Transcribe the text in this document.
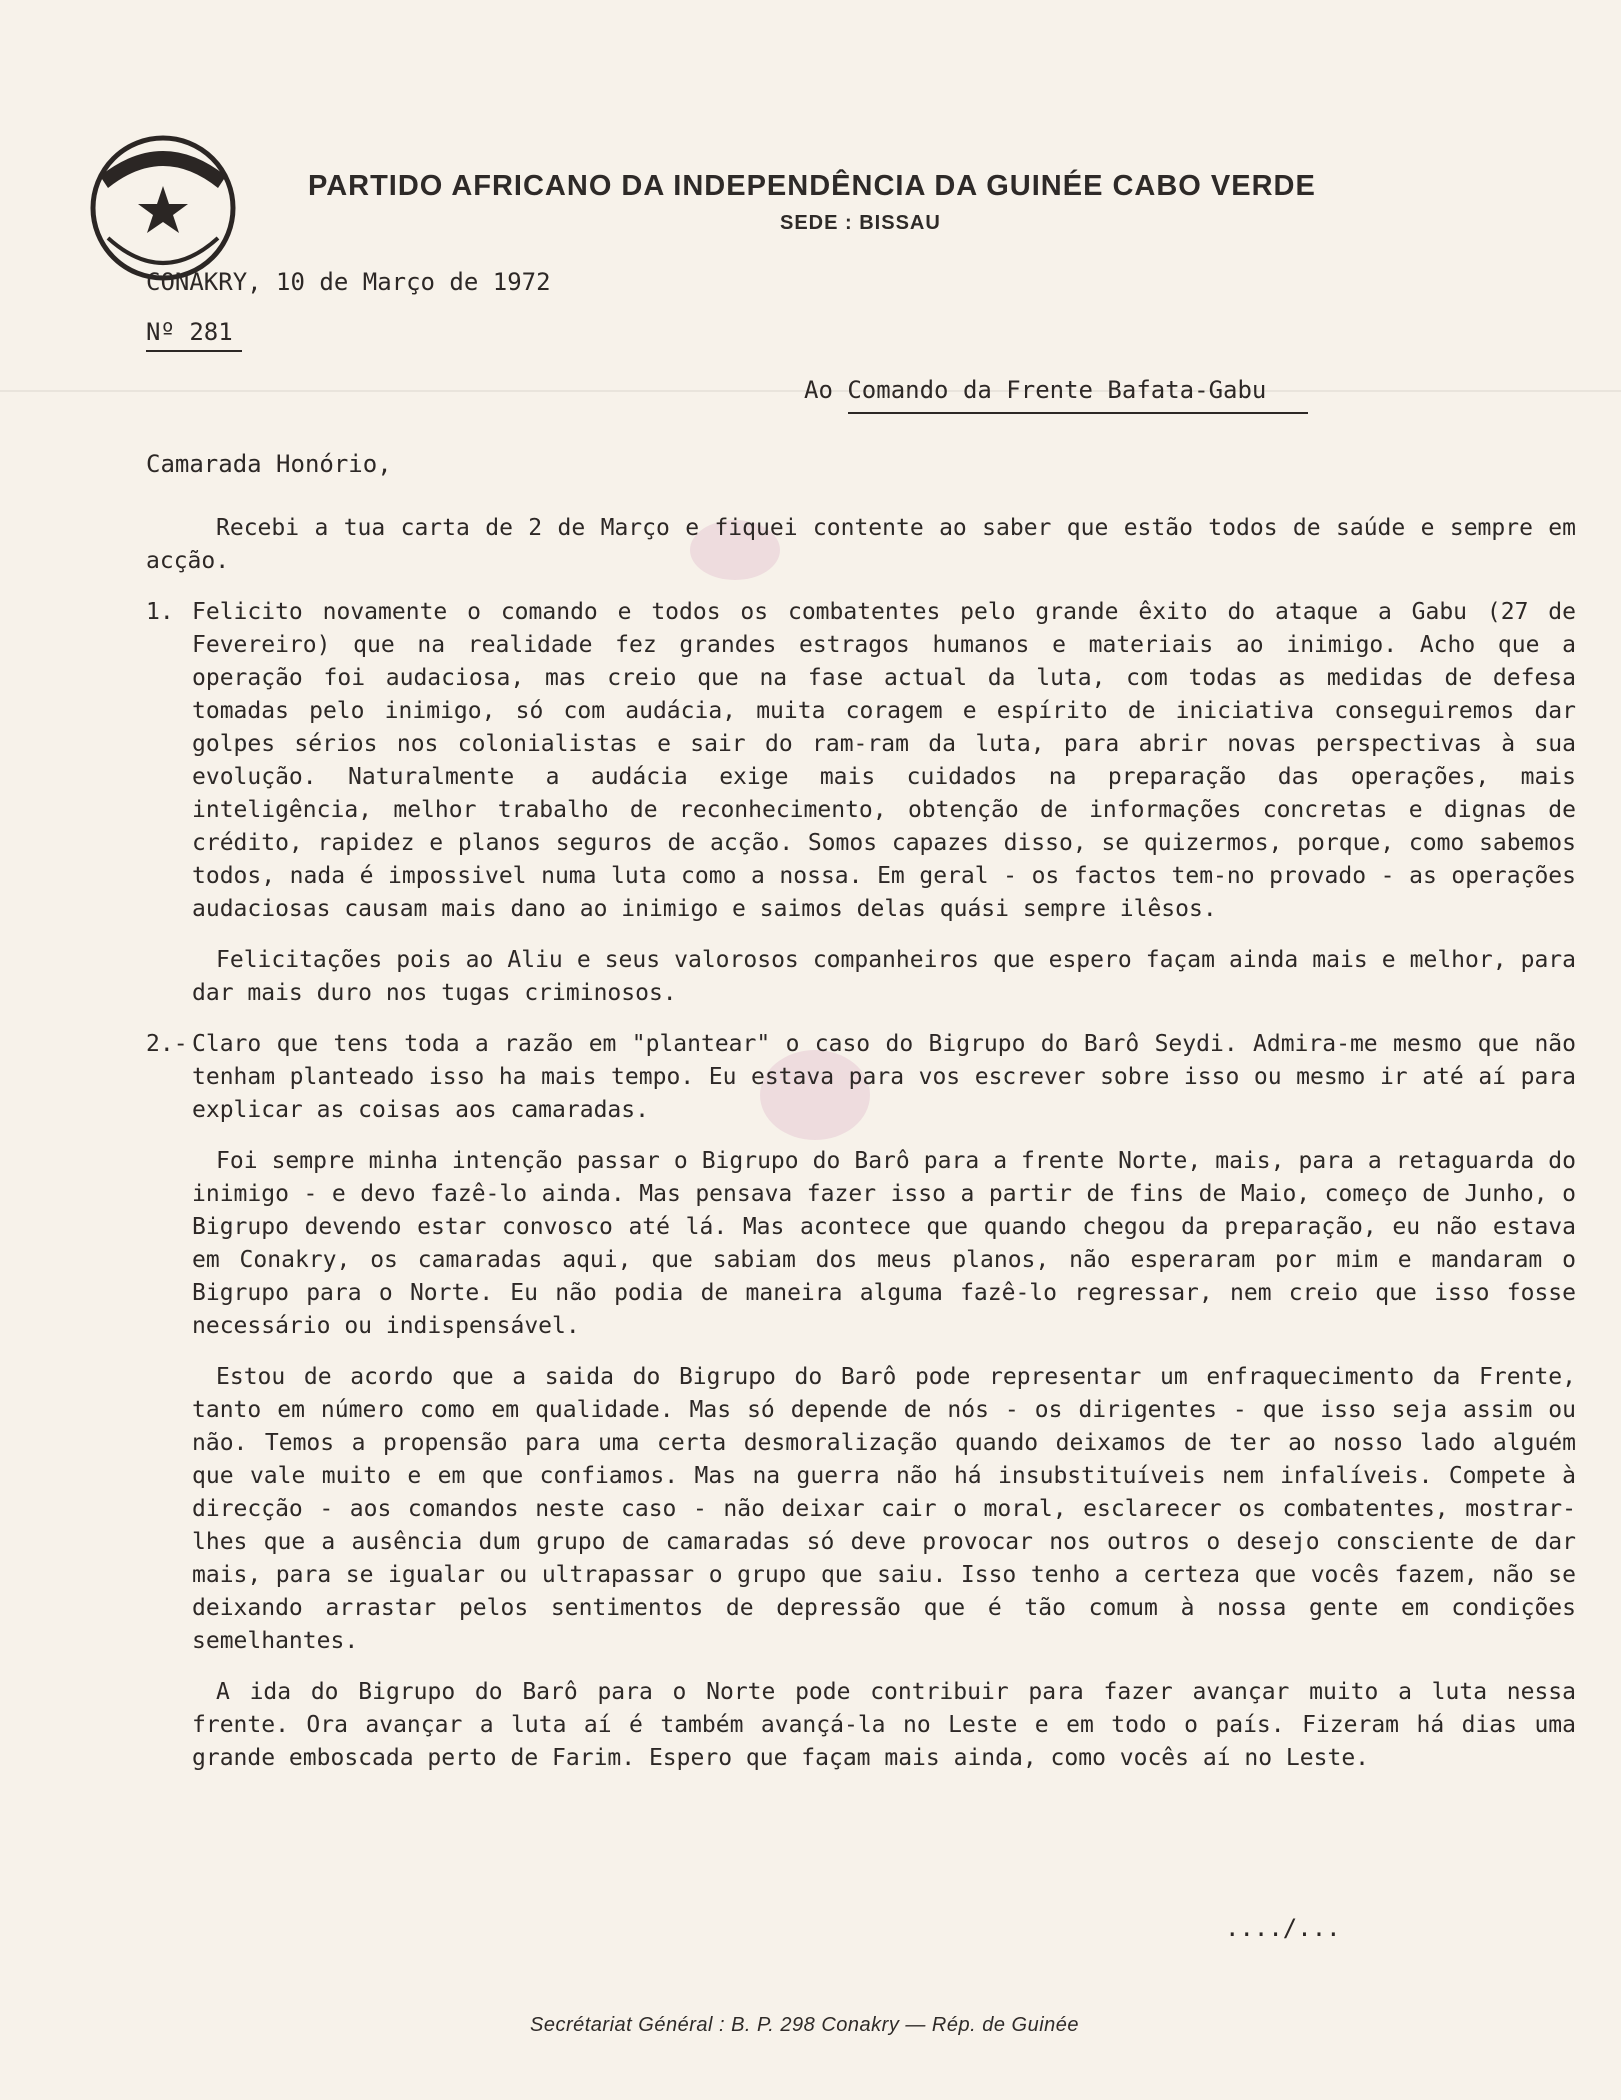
PARTIDO AFRICANO DA INDEPENDÊNCIA DA GUINÉE CABO VERDE
SEDE : BISSAU
CONAKRY, 10 de Março de 1972
Nº 281
Ao Comando da Frente Bafata-Gabu
Camarada Honório,

Recebi a tua carta de 2 de Março e fiquei contente ao saber que estão todos de saúde e sempre em acção.

1. Felicito novamente o comando e todos os combatentes pelo grande êxito do ataque a Gabu (27 de Fevereiro) que na realidade fez grandes estragos humanos e materiais ao inimigo. Acho que a operação foi audaciosa, mas creio que na fase actual da luta, com todas as medidas de defesa tomadas pelo inimigo, só com audácia, muita coragem e espírito de iniciativa conseguiremos dar golpes sérios nos colonialistas e sair do ram-ram da luta, para abrir novas perspectivas à sua evolução. Naturalmente a audácia exige mais cuidados na preparação das operações, mais inteligência, melhor trabalho de reconhecimento, obtenção de informações concretas e dignas de crédito, rapidez e planos seguros de acção. Somos capazes disso, se quizermos, porque, como sabemos todos, nada é impossivel numa luta como a nossa. Em geral - os factos tem-no provado - as operações audaciosas causam mais dano ao inimigo e saimos delas quási sempre ilêsos.

Felicitações pois ao Aliu e seus valorosos companheiros que espero façam ainda mais e melhor, para dar mais duro nos tugas criminosos.

2.- Claro que tens toda a razão em "plantear" o caso do Bigrupo do Barô Seydi. Admira-me mesmo que não tenham planteado isso ha mais tempo. Eu estava para vos escrever sobre isso ou mesmo ir até aí para explicar as coisas aos camaradas.

Foi sempre minha intenção passar o Bigrupo do Barô para a frente Norte, mais, para a retaguarda do inimigo - e devo fazê-lo ainda. Mas pensava fazer isso a partir de fins de Maio, começo de Junho, o Bigrupo devendo estar convosco até lá. Mas acontece que quando chegou da preparação, eu não estava em Conakry, os camaradas aqui, que sabiam dos meus planos, não esperaram por mim e mandaram o Bigrupo para o Norte. Eu não podia de maneira alguma fazê-lo regressar, nem creio que isso fosse necessário ou indispensável.

Estou de acordo que a saida do Bigrupo do Barô pode representar um enfraquecimento da Frente, tanto em número como em qualidade. Mas só depende de nós - os dirigentes - que isso seja assim ou não. Temos a propensão para uma certa desmoralização quando deixamos de ter ao nosso lado alguém que vale muito e em que confiamos. Mas na guerra não há insubstituíveis nem infalíveis. Compete à direcção - aos comandos neste caso - não deixar cair o moral, esclarecer os combatentes, mostrar-lhes que a ausência dum grupo de camaradas só deve provocar nos outros o desejo consciente de dar mais, para se igualar ou ultrapassar o grupo que saiu. Isso tenho a certeza que vocês fazem, não se deixando arrastar pelos sentimentos de depressão que é tão comum à nossa gente em condições semelhantes.

A ida do Bigrupo do Barô para o Norte pode contribuir para fazer avançar muito a luta nessa frente. Ora avançar a luta aí é também avançá-la no Leste e em todo o país. Fizeram há dias uma grande emboscada perto de Farim. Espero que façam mais ainda, como vocês aí no Leste.

..../...
Secrétariat Général : B. P. 298 Conakry — Rép. de Guinée
